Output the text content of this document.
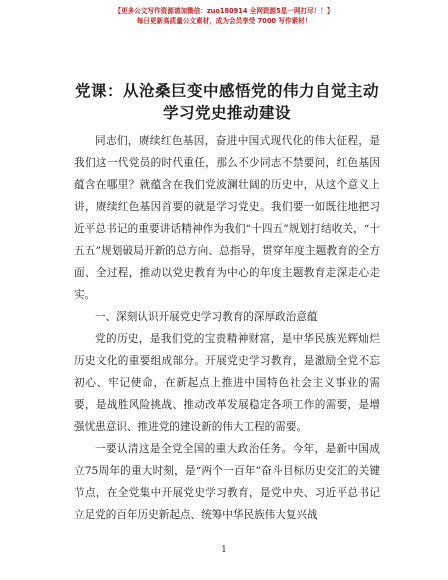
【更多公文写作资源请加微信：zuo180914 全网资源5星一网打尽！！】
每日更新高质量公文素材，成为会员享受 7000 写作素材！
党课：从沧桑巨变中感悟党的伟力自觉主动学习党史推动建设

同志们，赓续红色基因，奋进中国式现代化的伟大征程，是我们这一代党员的时代重任，那么不少同志不禁要问，红色基因蕴含在哪里？就蕴含在我们党波澜壮阔的历史中，从这个意义上讲，赓续红色基因首要的就是学习党史。我们要一如既往地把习近平总书记的重要讲话精神作为我们“十四五”规划打结收关，“十五五”规划破局开新的总方向、总指导，贯穿年度主题教育的全方面、全过程，推动以党史教育为中心的年度主题教育走深走心走实。

一、深刻认识开展党史学习教育的深厚政治意蕴

党的历史，是我们党的宝贵精神财富，是中华民族光辉灿烂历史文化的重要组成部分。开展党史学习教育，是激励全党不忘初心、牢记使命，在新起点上推进中国特色社会主义事业的需要，是战胜风险挑战、推动改革发展稳定各项工作的需要，是增强忧患意识、推进党的建设新的伟大工程的需要。

一要认清这是全党全国的重大政治任务。今年，是新中国成立75周年的重大时刻，是“两个一百年”奋斗目标历史交汇的关键节点，在全党集中开展党史学习教育，是党中央、习近平总书记立足党的百年历史新起点、统筹中华民族伟大复兴战

1
